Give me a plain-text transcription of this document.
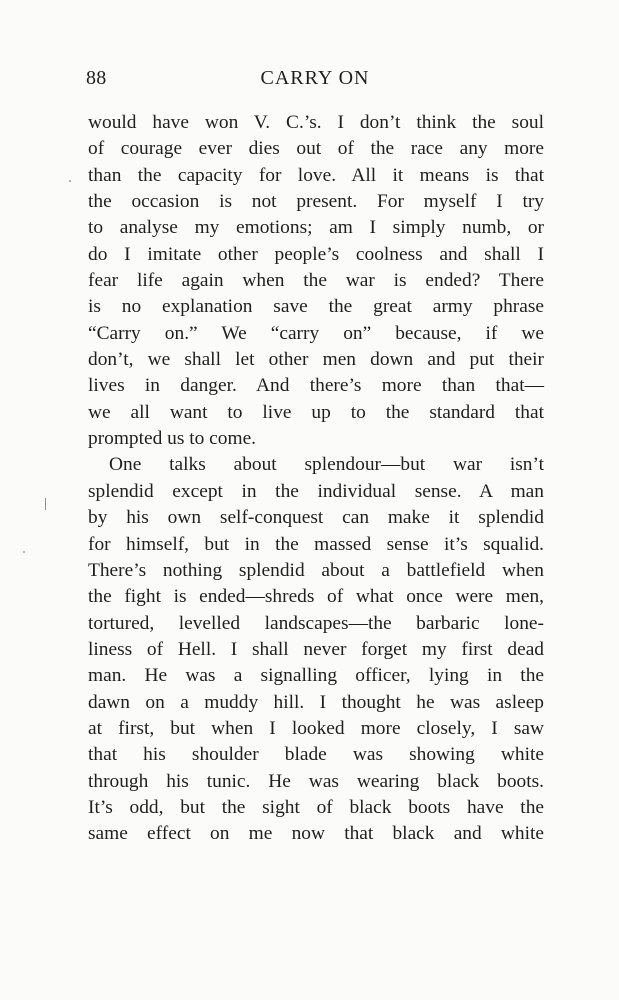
88	CARRY ON
would have won V. C.’s. I don’t think the soul
of courage ever dies out of the race any more
than the capacity for love. All it means is that
the occasion is not present. For myself I try
to analyse my emotions; am I simply numb, or
do I imitate other people’s coolness and shall I
fear life again when the war is ended? There
is no explanation save the great army phrase
“Carry on.” We “carry on” because, if we
don’t, we shall let other men down and put their
lives in danger. And there’s more than that—
we all want to live up to the standard that
prompted us to come.
One talks about splendour—but war isn’t
splendid except in the individual sense. A man
by his own self-conquest can make it splendid
for himself, but in the massed sense it’s squalid.
There’s nothing splendid about a battlefield when
the fight is ended—shreds of what once were men,
tortured, levelled landscapes—the barbaric lone-
liness of Hell. I shall never forget my first dead
man. He was a signalling officer, lying in the
dawn on a muddy hill. I thought he was asleep
at first, but when I looked more closely, I saw
that his shoulder blade was showing white
through his tunic. He was wearing black boots.
It’s odd, but the sight of black boots have the
same effect on me now that black and white
